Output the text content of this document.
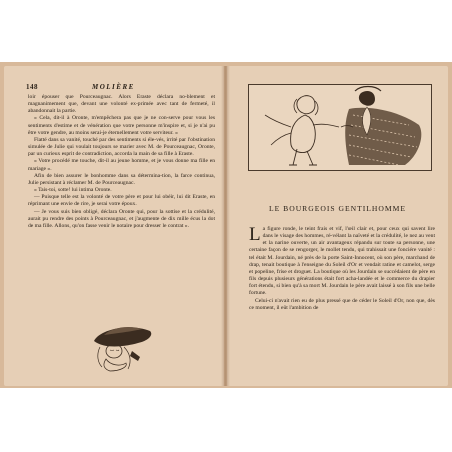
148	MOLIÈRE

loir épouser que Pourceaugnac. Alors Eraste déclara no-blement et magnanimement que, devant une volonté ex-primée avec tant de fermeté, il abandonnait la partie.

« Cela, dit-il à Oronte, m'empêchera pas que je ne con-serve pour vous les sentiments d'estime et de vénération que votre personne m'inspire et, si je n'ai pu être votre gendre, au moins serai-je éternellement votre serviteur. »

Flatté dans sa vanité, touché par des sentiments si éle-vés, irrité par l'obstination simulée de Julie qui voulait toujours se marier avec M. de Pourceaugnac, Oronte, par un curieux esprit de contradiction, accorda la main de sa fille à Eraste.

« Votre procédé me touche, dit-il au jeune homme, et je vous donne ma fille en mariage ».

Afin de bien assurer le bonhomme dans sa détermina-tion, la farce continua, Julie persistant à réclamer M. de Pourceaugnac.

« Tais-toi, sotte! lui intima Oronte.

— Puisque telle est la volonté de votre père et pour lui obéir, lui dit Eraste, en réprimant une envie de rire, je serai votre époux.

— Je vous suis bien obligé, déclara Oronte qui, pour la sottise et la crédulité, aurait pu rendre des points à Pourceaugnac, et j'augmente de dix mille écus la dot de ma fille. Allons, qu'on fasse venir le notaire pour dresser le contrat ».

LE BOURGEOIS GENTILHOMME

La figure ronde, le teint frais et vif, l'œil clair et, pour ceux qui savent lire dans le visage des hommes, ré-vélant la naïveté et la crédulité, le nez au vent et la narine ouverte, un air avantageux répandu sur toute sa personne, une certaine façon de se rengorger, le mollet tendu, qui trahissait une fonciére vanité : tel était M. Jourdain, né près de la porte Saint-Innocent, où son père, marchand de drap, tenait boutique à l'enseigne du Soleil d'Or et vendait ratine et camelot, serge et popeline, frise et droguet. La boutique où les Jourdain se succédaient de père en fils depuis plusieurs générations était fort achа-landée et le commerce du drapier fort étendu, si bien qu'à sa mort M. Jourdain le père avait laissé à son fils une belle fortune.

Celui-ci n'avait rien eu de plus pressé que de céder le Soleil d'Or, non que, dès ce moment, il eût l'ambition de
